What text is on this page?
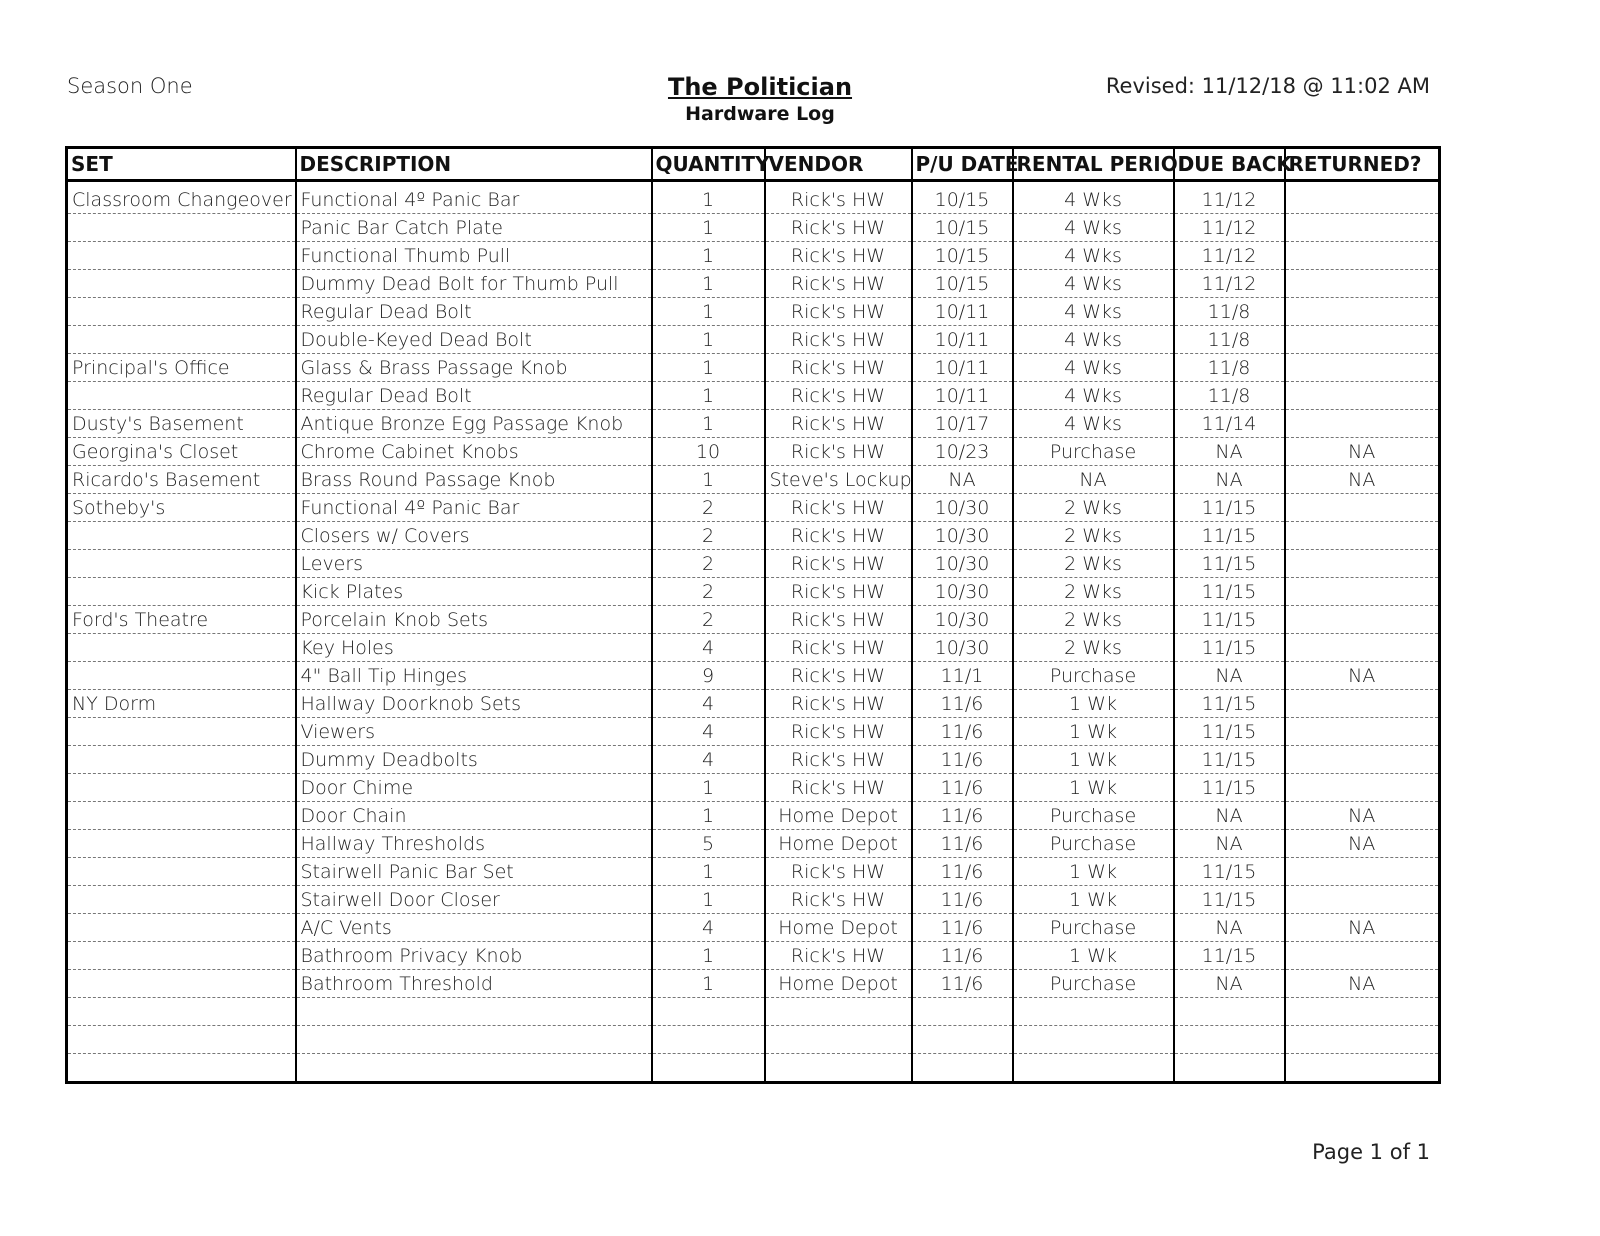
Season One	The Politician
Hardware Log
Revised: 11/12/18 @ 11:02 AM
SET	DESCRIPTION	QUANTITY	VENDOR	P/U DATE	RENTAL PERIOD	DUE BACK	RETURNED?
Classroom Changeover	Functional 4º Panic Bar	1	Rick's HW	10/15	4 Wks	11/12	
	Panic Bar Catch Plate	1	Rick's HW	10/15	4 Wks	11/12	
	Functional Thumb Pull	1	Rick's HW	10/15	4 Wks	11/12	
	Dummy Dead Bolt for Thumb Pull	1	Rick's HW	10/15	4 Wks	11/12	
	Regular Dead Bolt	1	Rick's HW	10/11	4 Wks	11/8	
	Double-Keyed Dead Bolt	1	Rick's HW	10/11	4 Wks	11/8	
Principal's Office	Glass & Brass Passage Knob	1	Rick's HW	10/11	4 Wks	11/8	
	Regular Dead Bolt	1	Rick's HW	10/11	4 Wks	11/8	
Dusty's Basement	Antique Bronze Egg Passage Knob	1	Rick's HW	10/17	4 Wks	11/14	
Georgina's Closet	Chrome Cabinet Knobs	10	Rick's HW	10/23	Purchase	NA	NA
Ricardo's Basement	Brass Round Passage Knob	1	Steve's Lockup	NA	NA	NA	NA
Sotheby's	Functional 4º Panic Bar	2	Rick's HW	10/30	2 Wks	11/15	
	Closers w/ Covers	2	Rick's HW	10/30	2 Wks	11/15	
	Levers	2	Rick's HW	10/30	2 Wks	11/15	
	Kick Plates	2	Rick's HW	10/30	2 Wks	11/15	
Ford's Theatre	Porcelain Knob Sets	2	Rick's HW	10/30	2 Wks	11/15	
	Key Holes	4	Rick's HW	10/30	2 Wks	11/15	
	4" Ball Tip Hinges	9	Rick's HW	11/1	Purchase	NA	NA
NY Dorm	Hallway Doorknob Sets	4	Rick's HW	11/6	1 Wk	11/15	
	Viewers	4	Rick's HW	11/6	1 Wk	11/15	
	Dummy Deadbolts	4	Rick's HW	11/6	1 Wk	11/15	
	Door Chime	1	Rick's HW	11/6	1 Wk	11/15	
	Door Chain	1	Home Depot	11/6	Purchase	NA	NA
	Hallway Thresholds	5	Home Depot	11/6	Purchase	NA	NA
	Stairwell Panic Bar Set	1	Rick's HW	11/6	1 Wk	11/15	
	Stairwell Door Closer	1	Rick's HW	11/6	1 Wk	11/15	
	A/C Vents	4	Home Depot	11/6	Purchase	NA	NA
	Bathroom Privacy Knob	1	Rick's HW	11/6	1 Wk	11/15	
	Bathroom Threshold	1	Home Depot	11/6	Purchase	NA	NA

Page 1 of 1
